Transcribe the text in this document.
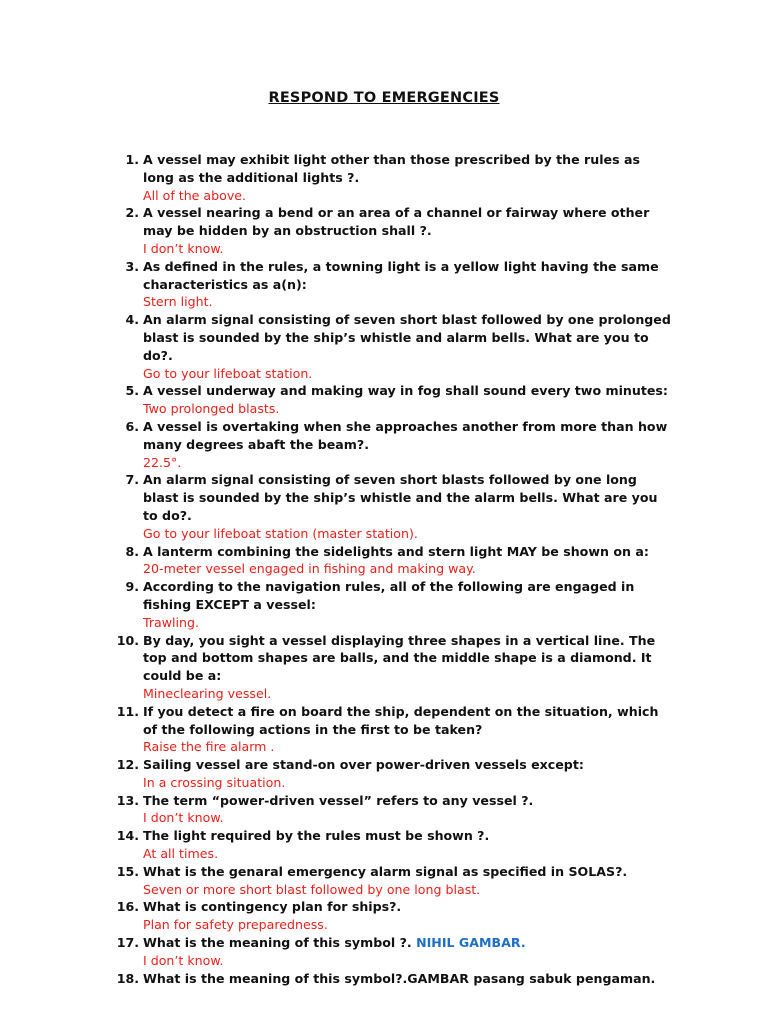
RESPOND TO EMERGENCIES
1. A vessel may exhibit light other than those prescribed by the rules as long as the additional lights ?.
All of the above.
2. A vessel nearing a bend or an area of a channel or fairway where other may be hidden by an obstruction shall ?.
I don’t know.
3. As defined in the rules, a towning light is a yellow light having the same characteristics as a(n):
Stern light.
4. An alarm signal consisting of seven short blast followed by one prolonged blast is sounded by the ship’s whistle and alarm bells. What are you to do?.
Go to your lifeboat station.
5. A vessel underway and making way in fog shall sound every two minutes:
Two prolonged blasts.
6. A vessel is overtaking when she approaches another from more than how many degrees abaft the beam?.
22.5°.
7. An alarm signal consisting of seven short blasts followed by one long blast is sounded by the ship’s whistle and the alarm bells. What are you to do?.
Go to your lifeboat station (master station).
8. A lanterm combining the sidelights and stern light MAY be shown on a:
20-meter vessel engaged in fishing and making way.
9. According to the navigation rules, all of the following are engaged in fishing EXCEPT a vessel:
Trawling.
10. By day, you sight a vessel displaying three shapes in a vertical line. The top and bottom shapes are balls, and the middle shape is a diamond. It could be a:
Mineclearing vessel.
11. If you detect a fire on board the ship, dependent on the situation, which of the following actions in the first to be taken?
Raise the fire alarm .
12. Sailing vessel are stand-on over power-driven vessels except:
In a crossing situation.
13. The term “power-driven vessel” refers to any vessel ?.
I don’t know.
14. The light required by the rules must be shown ?.
At all times.
15. What is the genaral emergency alarm signal as specified in SOLAS?.
Seven or more short blast followed by one long blast.
16. What is contingency plan for ships?.
Plan for safety preparedness.
17. What is the meaning of this symbol ?. NIHIL GAMBAR.
I don’t know.
18. What is the meaning of this symbol?.GAMBAR pasang sabuk pengaman.
